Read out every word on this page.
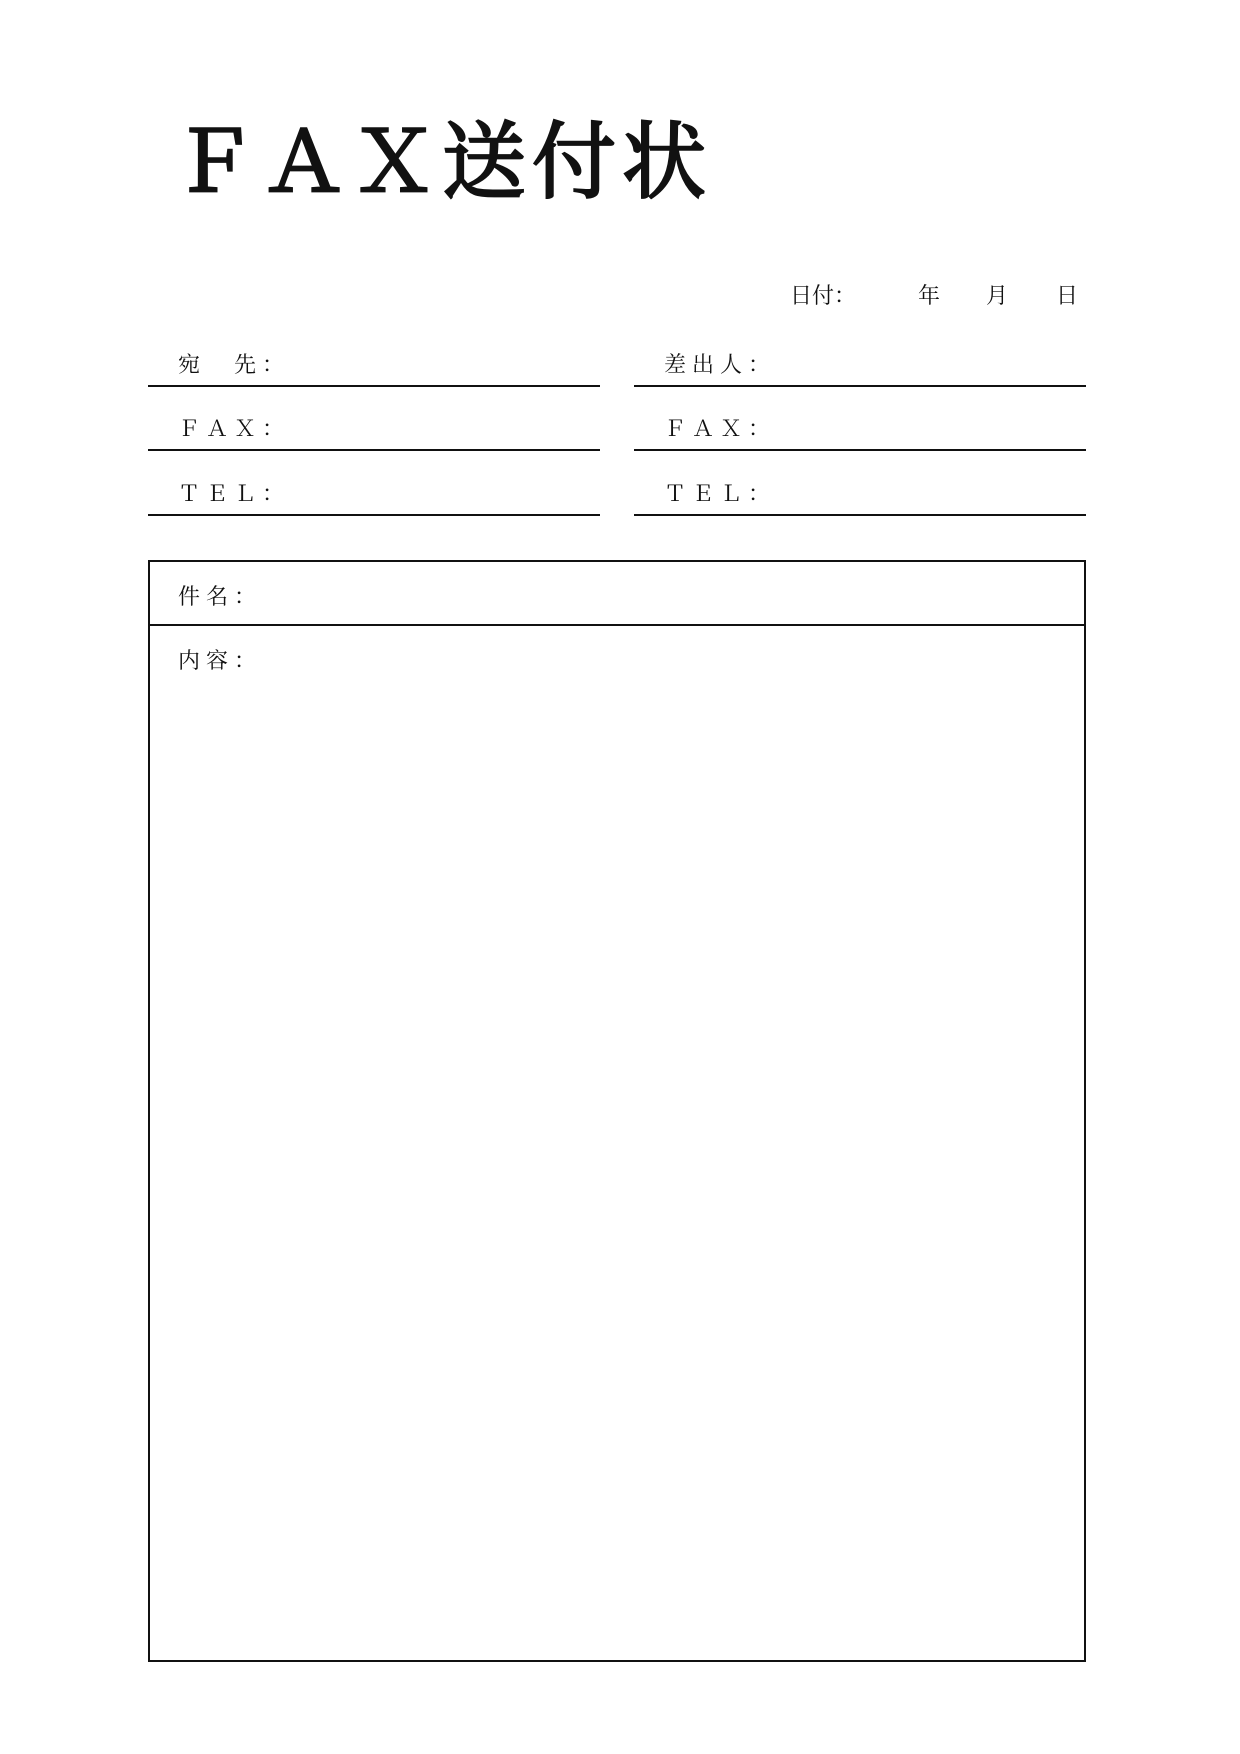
ＦＡＸ送付状
日付：	年 月 日
宛　先：
ＦＡＸ：
ＴＥＬ：
差出人：
ＦＡＸ：
ＴＥＬ：
件名：
内容：
